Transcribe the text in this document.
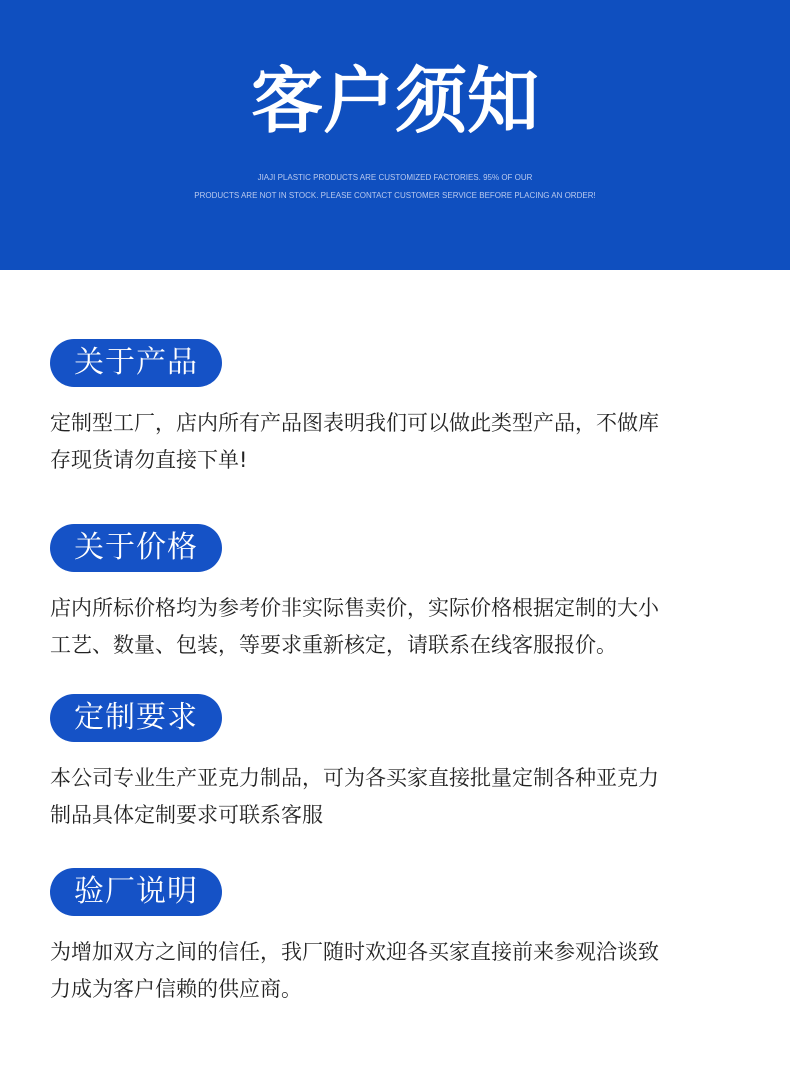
客户须知
JIAJI PLASTIC PRODUCTS ARE CUSTOMIZED FACTORIES. 95% OF OUR
PRODUCTS ARE NOT IN STOCK. PLEASE CONTACT CUSTOMER SERVICE BEFORE PLACING AN ORDER!
关于产品
定制型工厂，店内所有产品图表明我们可以做此类型产品，不做库
存现货请勿直接下单!
关于价格
店内所标价格均为参考价非实际售卖价，实际价格根据定制的大小
工艺、数量、包装，等要求重新核定，请联系在线客服报价。
定制要求
本公司专业生产亚克力制品，可为各买家直接批量定制各种亚克力
制品具体定制要求可联系客服
验厂说明
为增加双方之间的信任，我厂随时欢迎各买家直接前来参观洽谈致
力成为客户信赖的供应商。
